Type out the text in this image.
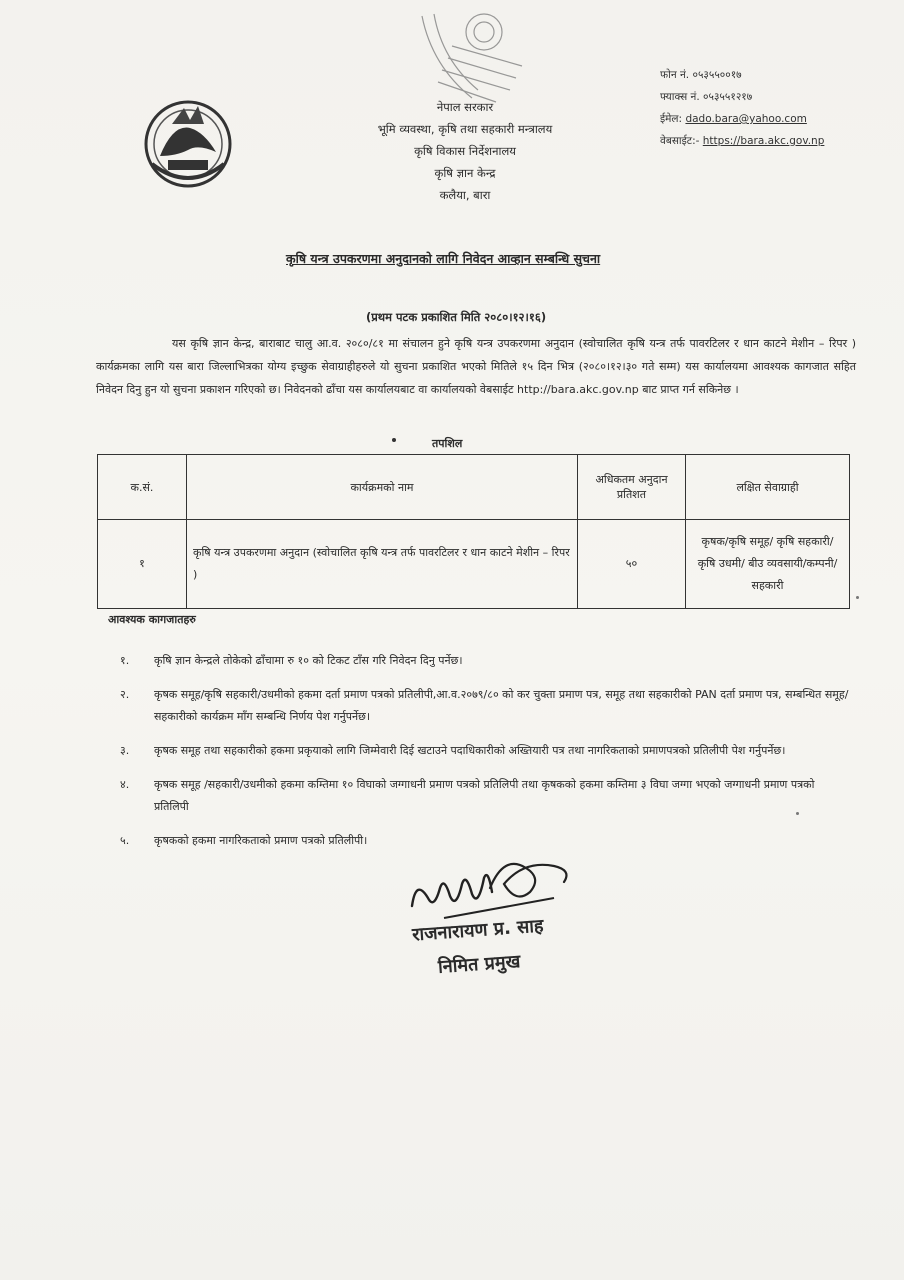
नेपाल सरकार
भूमि व्यवस्था, कृषि तथा सहकारी मन्त्रालय
कृषि विकास निर्देशनालय
कृषि ज्ञान केन्द्र
कलैया, बारा
फोन नं. ०५३५५००१७
फ्याक्स नं. ०५३५५१२१७
ईमेल: dado.bara@yahoo.com
वेबसाईट:- https://bara.akc.gov.np
कृषि यन्त्र उपकरणमा अनुदानको लागि निवेदन आव्हान सम्बन्धि सुचना
(प्रथम पटक प्रकाशित मिति २०८०।१२।१६)
यस कृषि ज्ञान केन्द्र, बाराबाट चालु आ.व. २०८०/८१ मा संचालन हुने कृषि यन्त्र उपकरणमा अनुदान (स्वोचालित कृषि यन्त्र तर्फ पावरटिलर र धान काटने मेशीन – रिपर ) कार्यक्रमका लागि यस बारा जिल्लाभित्रका योग्य इच्छुक सेवाग्राहीहरुले यो सुचना प्रकाशित भएको मितिले १५ दिन भित्र (२०८०।१२।३० गते सम्म) यस कार्यालयमा आवश्यक कागजात सहित निवेदन दिनु हुन यो सुचना प्रकाशन गरिएको छ। निवेदनको ढाँचा यस कार्यालयबाट वा कार्यालयको वेबसाईट http://bara.akc.gov.np बाट प्राप्त गर्न सकिनेछ ।
तपशिल
क.सं.	कार्यक्रमको नाम	अधिकतम अनुदान प्रतिशत	लक्षित सेवाग्राही
१	कृषि यन्त्र उपकरणमा अनुदान (स्वोचालित कृषि यन्त्र तर्फ पावरटिलर र धान काटने मेशीन – रिपर )	५०	कृषक/कृषि समूह/ कृषि सहकारी/ कृषि उधमी/ बीउ व्यवसायी/कम्पनी/सहकारी
आवश्यक कागजातहरु
१. कृषि ज्ञान केन्द्रले तोकेको ढाँचामा रु १० को टिकट टाँस गरि निवेदन दिनु पर्नेछ।
२. कृषक समूह/कृषि सहकारी/उधमीको हकमा दर्ता प्रमाण पत्रको प्रतिलीपी,आ.व.२०७९/८० को कर चुक्ता प्रमाण पत्र, समूह तथा सहकारीको PAN दर्ता प्रमाण पत्र, सम्बन्धित समूह/सहकारीको कार्यक्रम माँग सम्बन्धि निर्णय पेश गर्नुपर्नेछ।
३. कृषक समूह तथा सहकारीको हकमा प्रकृयाको लागि जिम्मेवारी दिई खटाउने पदाधिकारीको अख्तियारी पत्र तथा नागरिकताको प्रमाणपत्रको प्रतिलीपी पेश गर्नुपर्नेछ।
४. कृषक समूह /सहकारी/उधमीको हकमा कम्तिमा १० विघाको जग्गाधनी प्रमाण पत्रको प्रतिलिपी तथा कृषकको हकमा कम्तिमा ३ विघा जग्गा भएको जग्गाधनी प्रमाण पत्रको प्रतिलिपी
५. कृषकको हकमा नागरिकताको प्रमाण पत्रको प्रतिलीपी।
राजनारायण प्र. साह
निमित प्रमुख
